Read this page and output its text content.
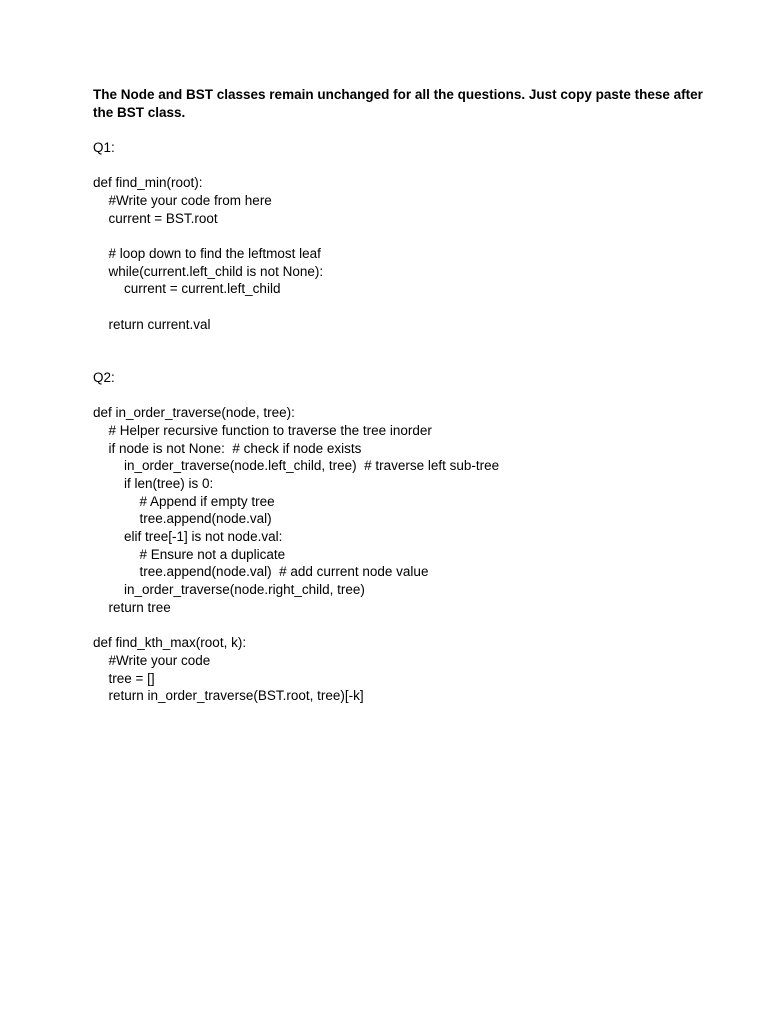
The Node and BST classes remain unchanged for all the questions. Just copy paste these after the BST class.

Q1:
def find_min(root):
#Write your code from here
current = BST.root
# loop down to find the leftmost leaf
while(current.left_child is not None):
current = current.left_child
return current.val
Q2:
def in_order_traverse(node, tree):
# Helper recursive function to traverse the tree inorder
if node is not None:  # check if node exists
in_order_traverse(node.left_child, tree)  # traverse left sub-tree
if len(tree) is 0:
# Append if empty tree
tree.append(node.val)
elif tree[-1] is not node.val:
# Ensure not a duplicate
tree.append(node.val)  # add current node value
in_order_traverse(node.right_child, tree)
return tree
def find_kth_max(root, k):
#Write your code
tree = []
return in_order_traverse(BST.root, tree)[-k]
